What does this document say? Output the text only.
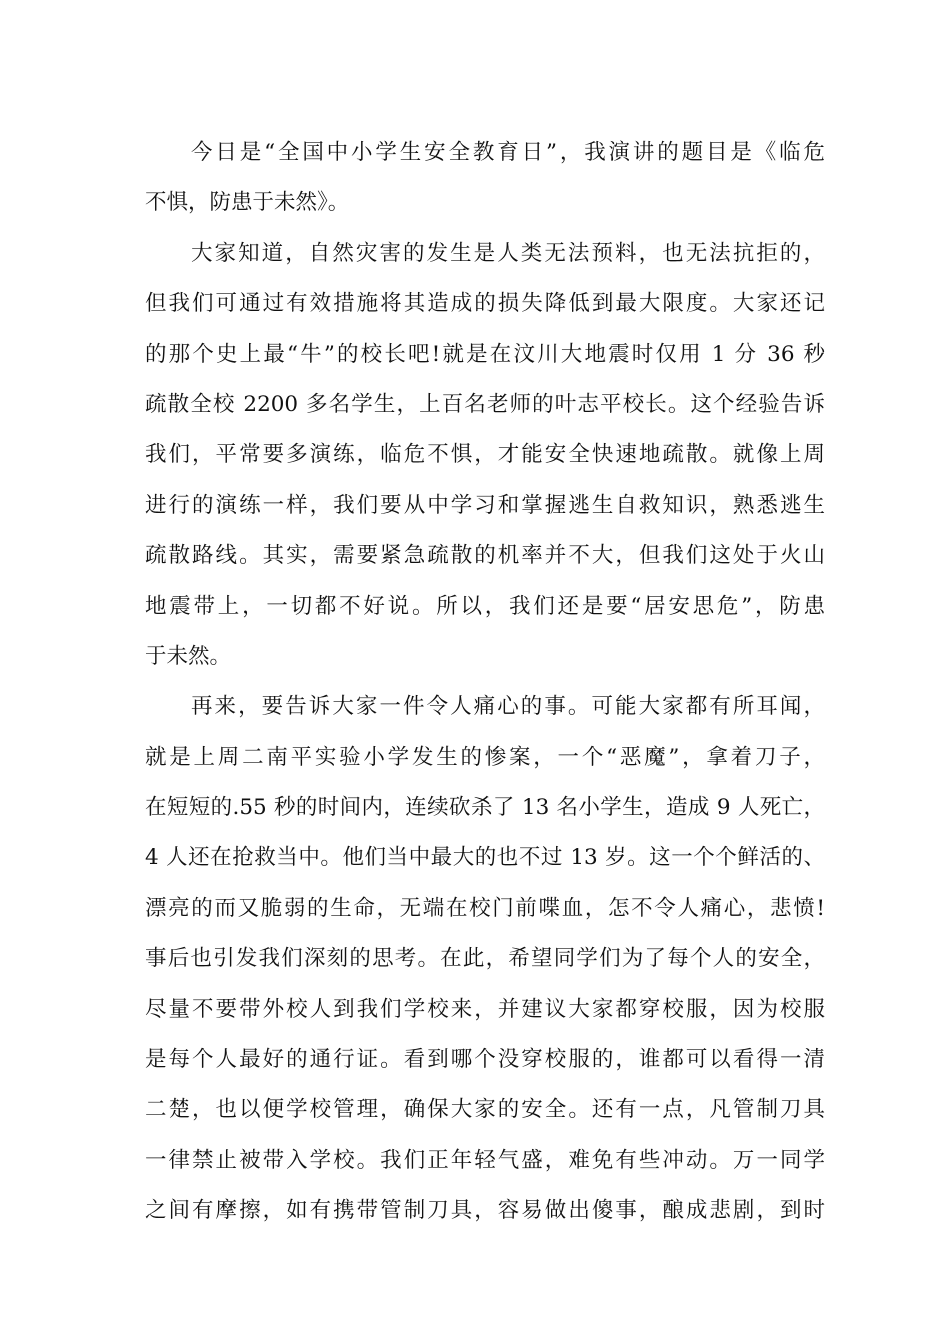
今日是“全国中小学生安全教育日”，我演讲的题目是《临危
不惧，防患于未然》。
大家知道，自然灾害的发生是人类无法预料，也无法抗拒的，
但我们可通过有效措施将其造成的损失降低到最大限度。大家还记
的那个史上最“牛”的校长吧!就是在汶川大地震时仅用 1 分 36 秒
疏散全校 2200 多名学生，上百名老师的叶志平校长。这个经验告诉
我们，平常要多演练，临危不惧，才能安全快速地疏散。就像上周
进行的演练一样，我们要从中学习和掌握逃生自救知识，熟悉逃生
疏散路线。其实，需要紧急疏散的机率并不大，但我们这处于火山
地震带上，一切都不好说。所以，我们还是要“居安思危”，防患
于未然。
再来，要告诉大家一件令人痛心的事。可能大家都有所耳闻，
就是上周二南平实验小学发生的惨案，一个“恶魔”，拿着刀子，
在短短的.55 秒的时间内，连续砍杀了 13 名小学生，造成 9 人死亡，
4 人还在抢救当中。他们当中最大的也不过 13 岁。这一个个鲜活的、
漂亮的而又脆弱的生命，无端在校门前喋血，怎不令人痛心，悲愤!
事后也引发我们深刻的思考。在此，希望同学们为了每个人的安全，
尽量不要带外校人到我们学校来，并建议大家都穿校服，因为校服
是每个人最好的通行证。看到哪个没穿校服的，谁都可以看得一清
二楚，也以便学校管理，确保大家的安全。还有一点，凡管制刀具
一律禁止被带入学校。我们正年轻气盛，难免有些冲动。万一同学
之间有摩擦，如有携带管制刀具，容易做出傻事，酿成悲剧，到时
